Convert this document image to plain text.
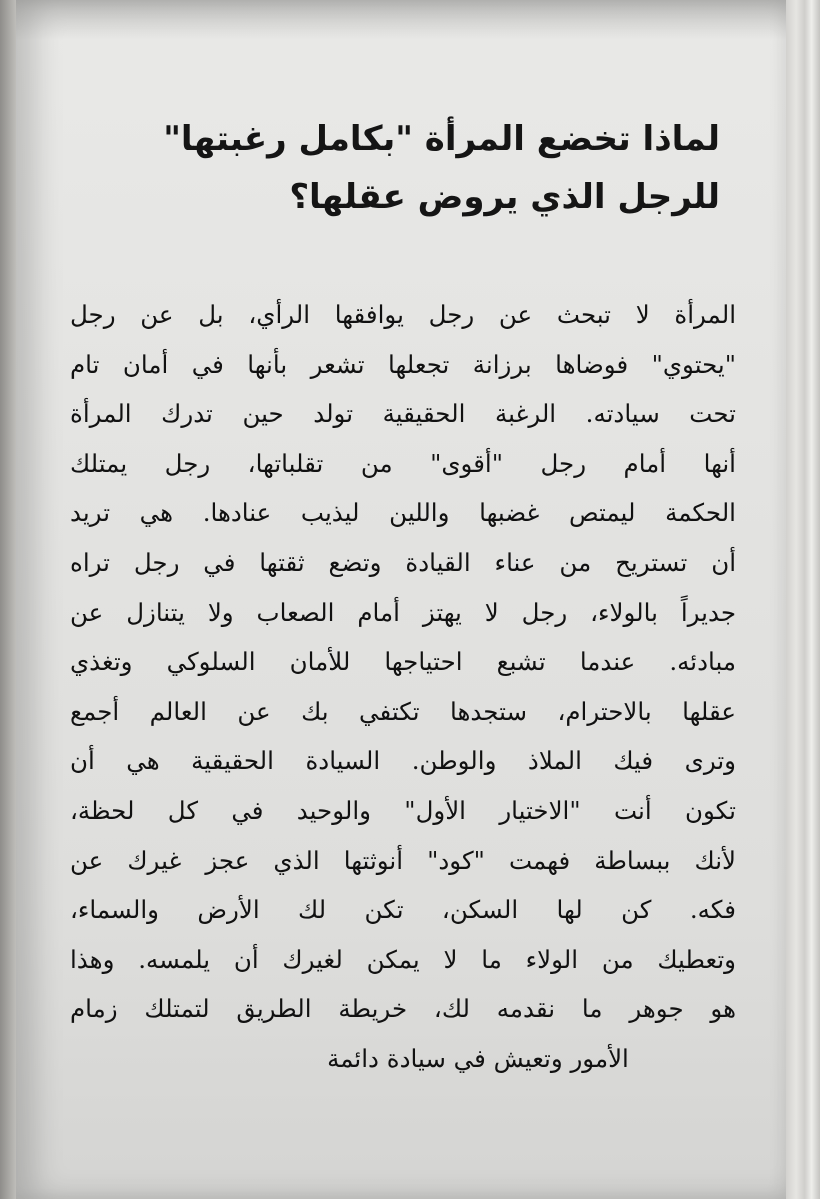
لماذا تخضع المرأة "بكامل رغبتها"
للرجل الذي يروض عقلها؟
المرأة لا تبحث عن رجل يوافقها الرأي، بل عن رجل
"يحتوي" فوضاها برزانة تجعلها تشعر بأنها في أمان تام
تحت سيادته. الرغبة الحقيقية تولد حين تدرك المرأة
أنها أمام رجل "أقوى" من تقلباتها، رجل يمتلك
الحكمة ليمتص غضبها واللين ليذيب عنادها. هي تريد
أن تستريح من عناء القيادة وتضع ثقتها في رجل تراه
جديراً بالولاء، رجل لا يهتز أمام الصعاب ولا يتنازل عن
مبادئه. عندما تشبع احتياجها للأمان السلوكي وتغذي
عقلها بالاحترام، ستجدها تكتفي بك عن العالم أجمع
وترى فيك الملاذ والوطن. السيادة الحقيقية هي أن
تكون أنت "الاختيار الأول" والوحيد في كل لحظة،
لأنك ببساطة فهمت "كود" أنوثتها الذي عجز غيرك عن
فكه. كن لها السكن، تكن لك الأرض والسماء،
وتعطيك من الولاء ما لا يمكن لغيرك أن يلمسه. وهذا
هو جوهر ما نقدمه لك، خريطة الطريق لتمتلك زمام
الأمور وتعيش في سيادة دائمة
